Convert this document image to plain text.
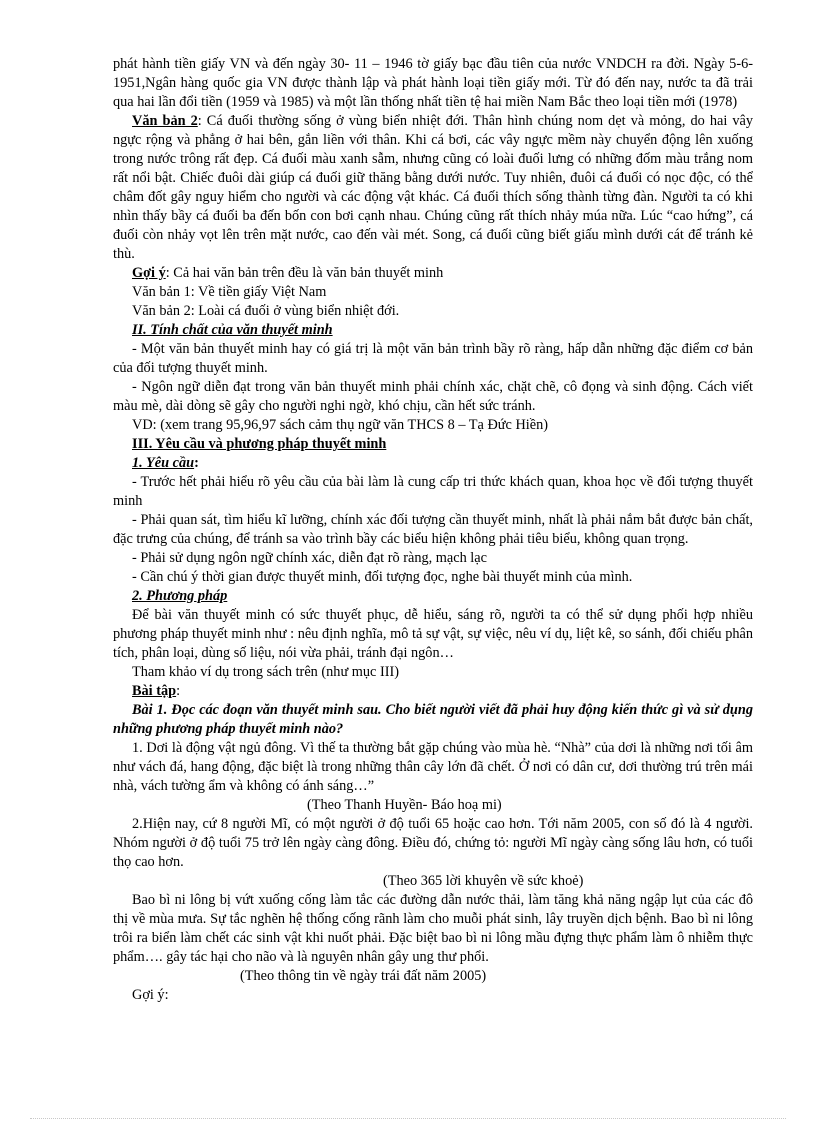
phát hành tiền giấy VN và đến ngày 30- 11 – 1946 tờ giấy bạc đầu tiên của nước VNDCH ra đời. Ngày 5-6-1951,Ngân hàng quốc gia VN được thành lập và phát hành loại tiền giấy mới. Từ đó đến nay, nước ta đã trải qua hai lần đổi tiền (1959 và 1985) và một lần thống nhất tiền tệ hai miền Nam Bắc theo loại tiền mới (1978)

Văn bản 2: Cá đuối thường sống ở vùng biển nhiệt đới. Thân hình chúng nom dẹt và mỏng, do hai vây ngực rộng và phẳng ở hai bên, gắn liền với thân. Khi cá bơi, các vây ngực mềm này chuyển động lên xuống trong nước trông rất đẹp. Cá đuối màu xanh sẫm, nhưng cũng có loài đuối lưng có những đốm màu trắng nom rất nổi bật. Chiếc đuôi dài giúp cá đuối giữ thăng bằng dưới nước. Tuy nhiên, đuôi cá đuối có nọc độc, có thể châm đốt gây nguy hiểm cho người và các động vật khác. Cá đuối thích sống thành từng đàn. Người ta có khi nhìn thấy bầy cá đuối ba đến bốn con bơi cạnh nhau. Chúng cũng rất thích nhảy múa nữa. Lúc “cao hứng”, cá đuối còn nhảy vọt lên trên mặt nước, cao đến vài mét. Song, cá đuối cũng biết giấu mình dưới cát để tránh kẻ thù.

Gợi ý: Cả hai văn bản trên đều là văn bản thuyết minh

Văn bản 1: Về tiền giấy Việt Nam

Văn bản 2: Loài cá đuối ở vùng biển nhiệt đới.

II. Tính chất của văn thuyết minh

- Một văn bản thuyết minh hay có giá trị là một văn bản trình bầy rõ ràng, hấp dẫn những đặc điểm cơ bản của đối tượng thuyết minh.

- Ngôn ngữ diễn đạt trong văn bản thuyết minh phải chính xác, chặt chẽ, cô đọng và sinh động. Cách viết màu mè, dài dòng sẽ gây cho người nghi ngờ, khó chịu, cần hết sức tránh.

VD: (xem trang 95,96,97 sách cảm thụ ngữ văn THCS 8 – Tạ Đức Hiền)

III. Yêu cầu và phương pháp thuyết minh

1. Yêu cầu:

- Trước hết phải hiểu rõ yêu cầu của bài làm là cung cấp tri thức khách quan, khoa học về đối tượng thuyết minh

- Phải quan sát, tìm hiểu kĩ lưỡng, chính xác đối tượng cần thuyết minh, nhất là phải nắm bắt được bản chất, đặc trưng của chúng, để tránh sa vào trình bầy các biểu hiện không phải tiêu biểu, không quan trọng.

- Phải sử dụng ngôn ngữ chính xác, diễn đạt rõ ràng, mạch lạc

- Cần chú ý thời gian được thuyết minh, đối tượng đọc, nghe bài thuyết minh của mình.

2. Phương pháp

Để bài văn thuyết minh có sức thuyết phục, dễ hiểu, sáng rõ, người ta có thể sử dụng phối hợp nhiều phương pháp thuyết minh như : nêu định nghĩa, mô tả sự vật, sự việc, nêu ví dụ, liệt kê, so sánh, đối chiếu phân tích, phân loại, dùng số liệu, nói vừa phải, tránh đại ngôn…

Tham khảo ví dụ trong sách trên (như mục III)

Bài tập:

Bài 1. Đọc các đoạn văn thuyết minh sau. Cho biết người viết đã phải huy động kiến thức gì và sử dụng những phương pháp thuyết minh nào?

1. Dơi là động vật ngủ đông. Vì thế ta thường bắt gặp chúng vào mùa hè. “Nhà” của dơi là những nơi tối âm như vách đá, hang động, đặc biệt là trong những thân cây lớn đã chết. Ở nơi có dân cư, dơi thường trú trên mái nhà, vách tường ẩm và không có ánh sáng…”

(Theo Thanh Huyền- Báo hoạ mi)

2.Hiện nay, cứ 8 người Mĩ, có một người ở độ tuổi 65 hoặc cao hơn. Tới năm 2005, con số đó là 4 người. Nhóm người ở độ tuổi 75 trở lên ngày càng đông. Điều đó, chứng tỏ: người Mĩ ngày càng sống lâu hơn, có tuổi thọ cao hơn.

(Theo 365 lời khuyên về sức khoẻ)

Bao bì ni lông bị vứt xuống cống làm tắc các đường dẫn nước thải, làm tăng khả năng ngập lụt của các đô thị về mùa mưa. Sự tắc nghẽn hệ thống cống rãnh làm cho muỗi phát sinh, lây truyền dịch bệnh. Bao bì ni lông trôi ra biển làm chết các sinh vật khi nuốt phải. Đặc biệt bao bì ni lông mầu đựng thực phẩm làm ô nhiễm thực phẩm…. gây tác hại cho não và là nguyên nhân gây ung thư phổi.

(Theo thông tin về ngày trái đất năm 2005)

Gợi ý:
